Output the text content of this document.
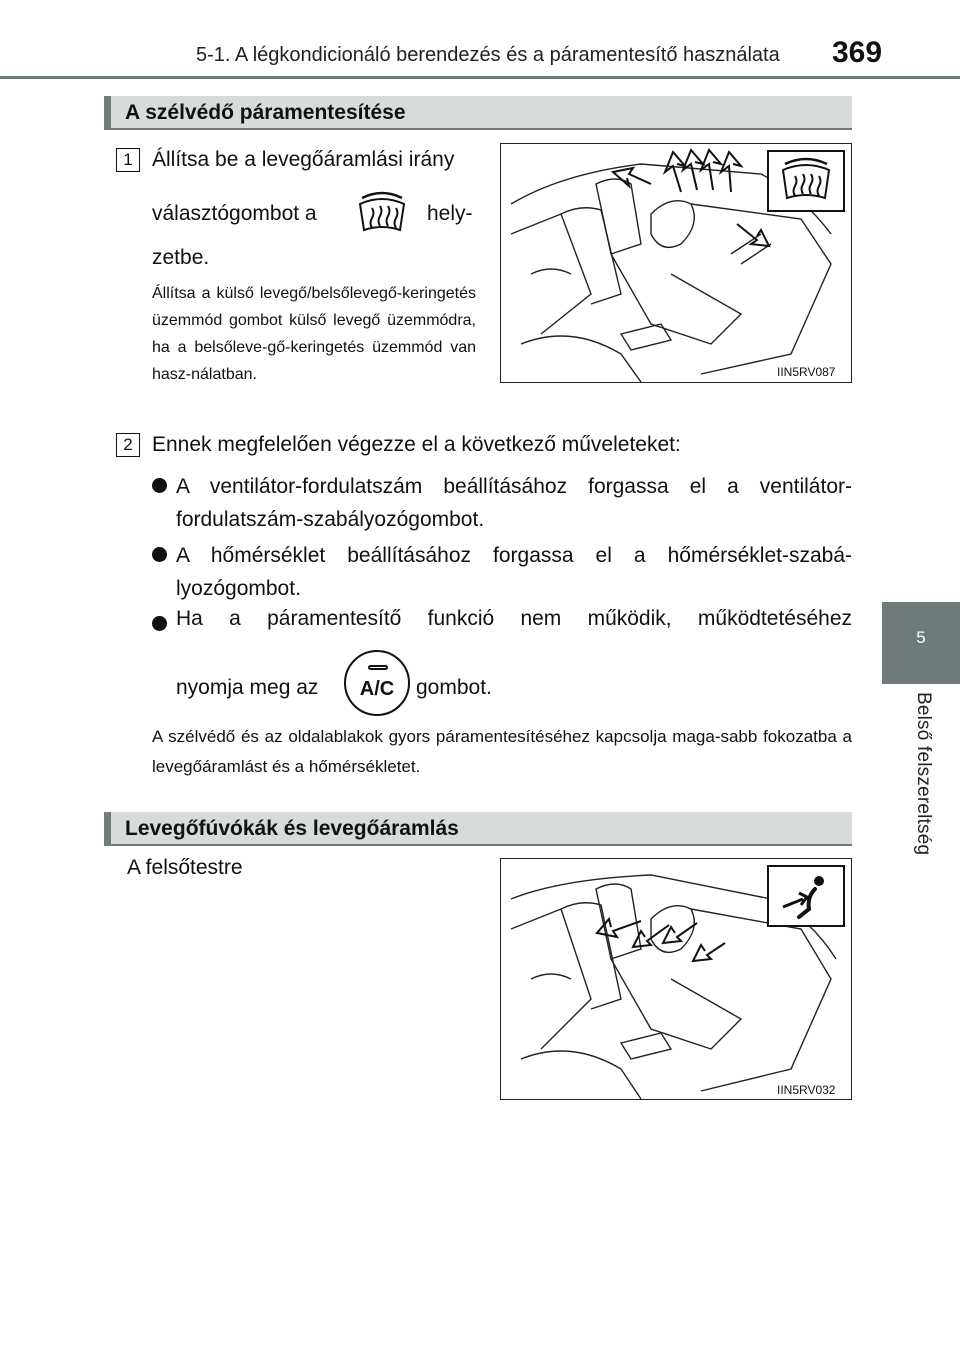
5-1. A légkondicionáló berendezés és a páramentesítő használata 369
5
Belső felszereltség
A szélvédő páramentesítése
1 Állítsa be a levegőáramlási irány
választógombot a	hely-
zetbe.
Állítsa a külső levegő/belsőlevegő-keringetés üzemmód gombot külső levegő üzemmódra, ha a belsőleve-gő-keringetés üzemmód van hasz-nálatban.	IIN5RV087
2 Ennek megfelelően végezze el a következő műveleteket:
A ventilátor-fordulatszám beállításához forgassa el a ventilátor-fordulatszám-szabályozógombot.
A hőmérséklet beállításához forgassa el a hőmérséklet-szabá-lyozógombot.
Ha a páramentesítő funkció nem működik, működtetéséhez
nyomja meg az	A/C	gombot.
A szélvédő és az oldalablakok gyors páramentesítéséhez kapcsolja maga-sabb fokozatba a levegőáramlást és a hőmérsékletet.
Levegőfúvókák és levegőáramlás
A felsőtestre
IIN5RV032
